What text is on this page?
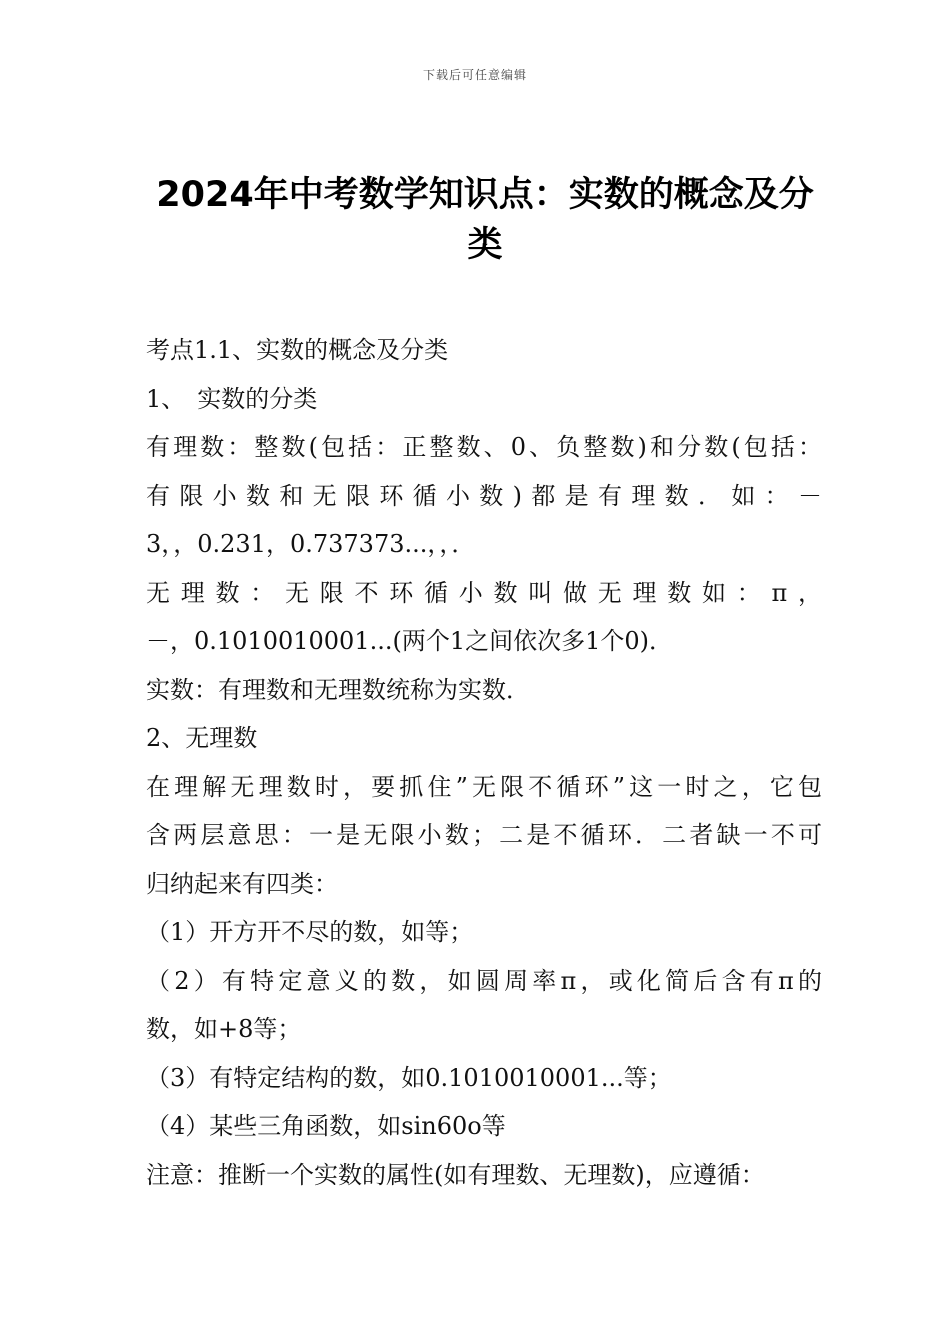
下载后可任意编辑
2024年中考数学知识点：实数的概念及分
类

考点1.1、实数的概念及分类

1、　实数的分类

有理数：整数(包括：正整数、0、负整数)和分数(包括：

有限小数和无限环循小数)都是有理数．如：－

3，，0.231，0.737373...，，．

无理数：无限不环循小数叫做无理数如：π，

－，0.1010010001...(两个1之间依次多1个0)．

实数：有理数和无理数统称为实数．

2、无理数

在理解无理数时，要抓住”无限不循环”这一时之，它包

含两层意思：一是无限小数；二是不循环．二者缺一不可

归纳起来有四类：

（1）开方开不尽的数，如等；

（2）有特定意义的数，如圆周率π，或化简后含有π的

数，如+8等；

（3）有特定结构的数，如0.1010010001...等；

（4）某些三角函数，如sin60o等

注意：推断一个实数的属性(如有理数、无理数)，应遵循：
